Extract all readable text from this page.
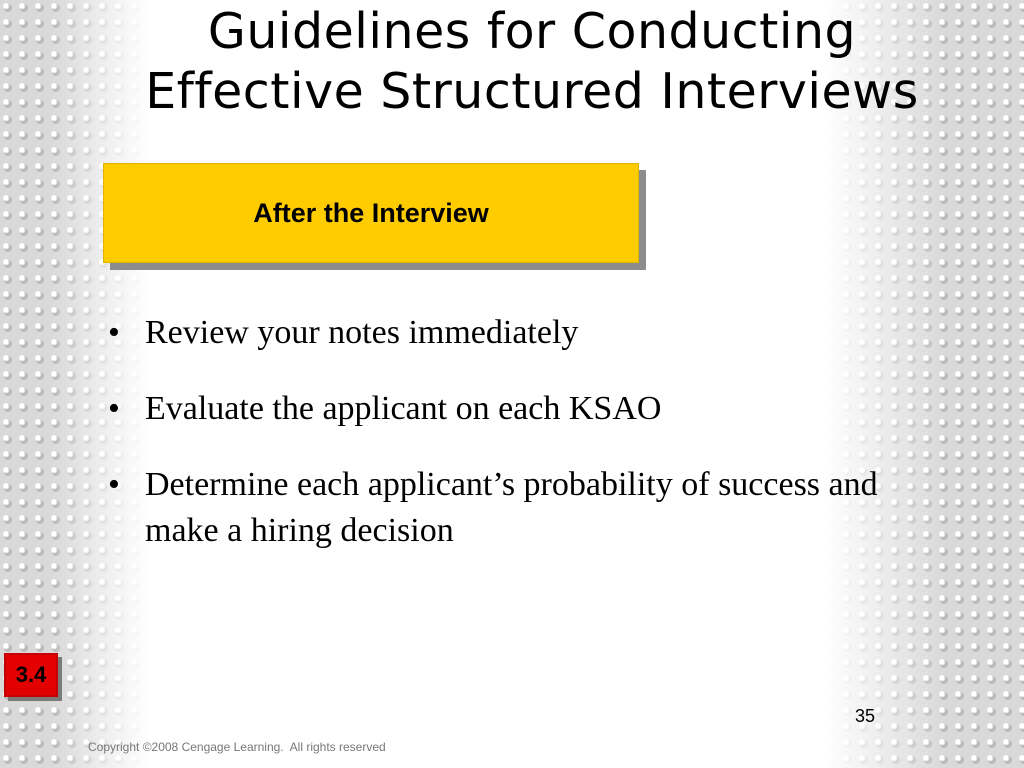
Guidelines for Conducting
Effective Structured Interviews
After the Interview
• Review your notes immediately
• Evaluate the applicant on each KSAO
• Determine each applicant’s probability of success and make a hiring decision
3.4
35
Copyright ©2008 Cengage Learning.  All rights reserved
